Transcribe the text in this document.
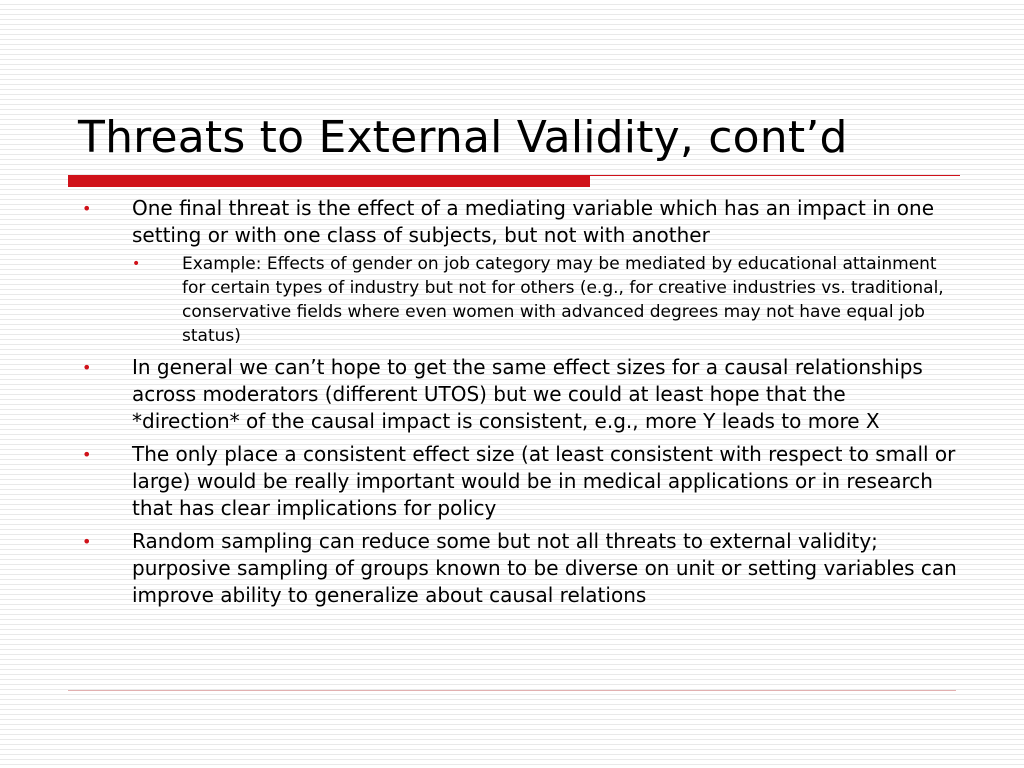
Threats to External Validity, cont’d
• One final threat is the effect of a mediating variable which has an impact in one setting or with one class of subjects, but not with another
• Example: Effects of gender on job category may be mediated by educational attainment for certain types of industry but not for others (e.g., for creative industries vs. traditional, conservative fields where even women with advanced degrees may not have equal job status)
• In general we can’t hope to get the same effect sizes for a causal relationships across moderators (different UTOS) but we could at least hope that the *direction* of the causal impact is consistent, e.g., more Y leads to more X
• The only place a consistent effect size (at least consistent with respect to small or large) would be really important would be in medical applications or in research that has clear implications for policy
• Random sampling can reduce some but not all threats to external validity; purposive sampling of groups known to be diverse on unit or setting variables can improve ability to generalize about causal relations
